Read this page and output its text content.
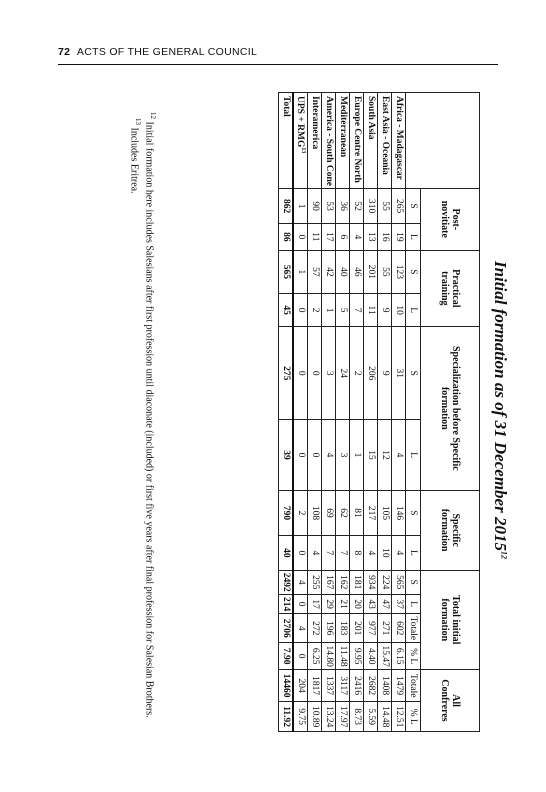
72 ACTS OF THE GENERAL COUNCIL
Initial formation as of 31 December 2015$^{12}$
	Post-novitiate		Practical training		Specialization before Specific formation		Specific formation		Total initial formation				All Confreres	
	S	L	S	L	S	L	S	L	S	L	Totale	% L	Totale	% L
Africa - Madagascar	265	19	123	10	31	4	146	4	565	37	602	6.15	1479	12.51
East Asia - Oceania	55	16	55	9	9	12	105	10	224	47	271	15.47	1408	14.48
South Asia	310	13	201	11	206	15	217	4	934	43	977	4.40	2682	5.59
Europe Centre North	52	4	46	7	2	1	81	8	181	20	201	9.95	2416	8.73
Mediterranean	36	6	40	5	24	3	62	7	162	21	183	11.48	3117	17.97
America - South Cone	53	17	42	1	3	4	69	7	167	29	196	14.80	1337	13.24
Interamerica	90	11	57	2	0	0	108	4	255	17	272	6.25	1817	10.89
UPS + $RMG^{13}$	1	0	1	0	0	0	2	0	4	0	4	0	204	9.75
Total	862	86	565	45	275	39	790	40	2492	214	2706	7.90	14460	11.92
$^{12}$ Initial formation here includes Salesians after first profession until diaconate (included) or first five years after final profession for Salesian Brothers.
$^{13}$ Includes Eritrea.
